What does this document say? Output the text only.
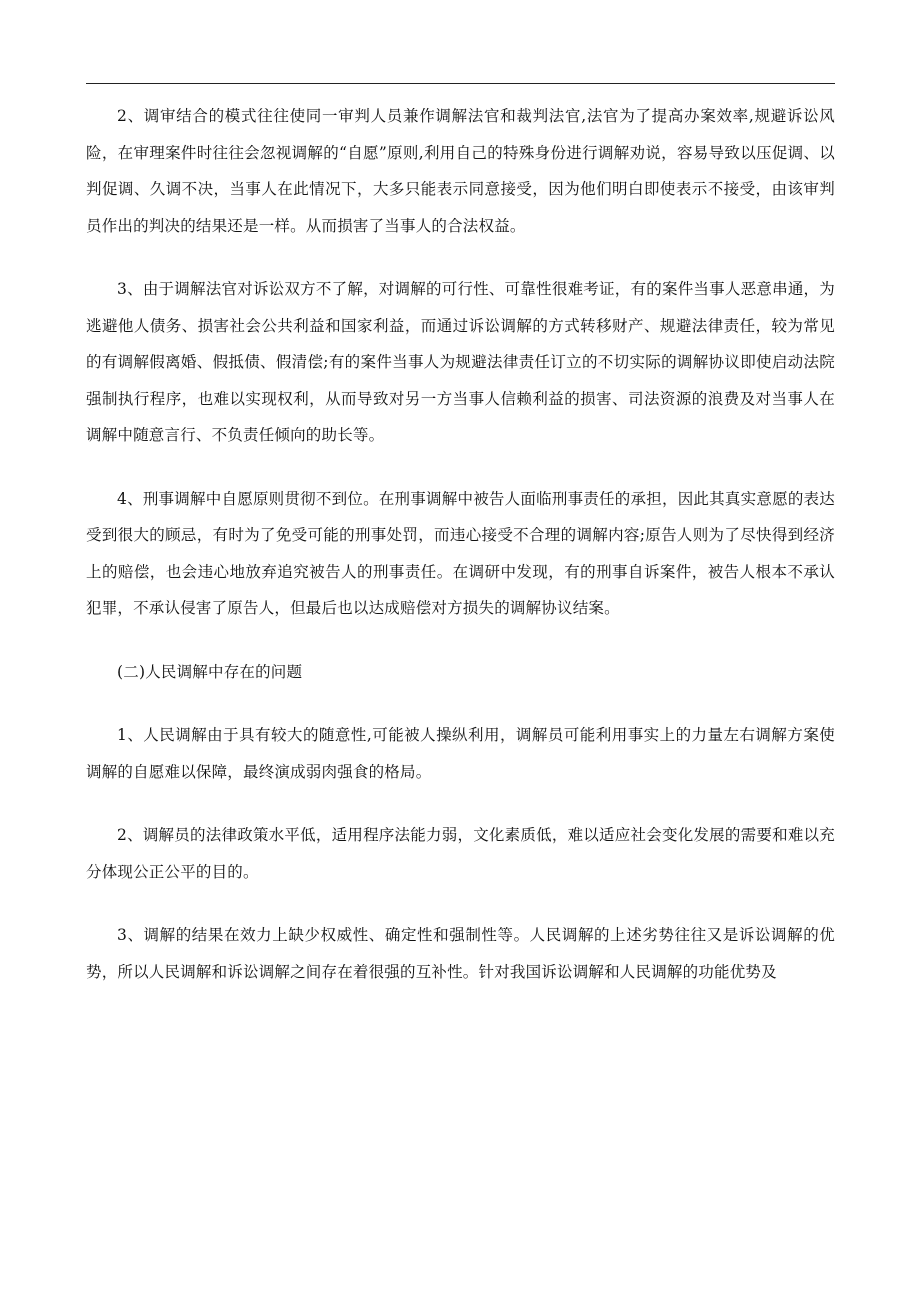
2、调审结合的模式往往使同一审判人员兼作调解法官和裁判法官,法官为了提高办案效率,规避诉讼风险，在审理案件时往往会忽视调解的“自愿”原则,利用自己的特殊身份进行调解劝说，容易导致以压促调、以判促调、久调不决，当事人在此情况下，大多只能表示同意接受，因为他们明白即使表示不接受，由该审判员作出的判决的结果还是一样。从而损害了当事人的合法权益。

3、由于调解法官对诉讼双方不了解，对调解的可行性、可靠性很难考证，有的案件当事人恶意串通，为逃避他人债务、损害社会公共利益和国家利益，而通过诉讼调解的方式转移财产、规避法律责任，较为常见的有调解假离婚、假抵债、假清偿;有的案件当事人为规避法律责任订立的不切实际的调解协议即使启动法院强制执行程序，也难以实现权利，从而导致对另一方当事人信赖利益的损害、司法资源的浪费及对当事人在调解中随意言行、不负责任倾向的助长等。

4、刑事调解中自愿原则贯彻不到位。在刑事调解中被告人面临刑事责任的承担，因此其真实意愿的表达受到很大的顾忌，有时为了免受可能的刑事处罚，而违心接受不合理的调解内容;原告人则为了尽快得到经济上的赔偿，也会违心地放弃追究被告人的刑事责任。在调研中发现，有的刑事自诉案件，被告人根本不承认犯罪，不承认侵害了原告人，但最后也以达成赔偿对方损失的调解协议结案。

(二)人民调解中存在的问题

1、人民调解由于具有较大的随意性,可能被人操纵利用，调解员可能利用事实上的力量左右调解方案使调解的自愿难以保障，最终演成弱肉强食的格局。

2、调解员的法律政策水平低，适用程序法能力弱，文化素质低，难以适应社会变化发展的需要和难以充分体现公正公平的目的。

3、调解的结果在效力上缺少权威性、确定性和强制性等。人民调解的上述劣势往往又是诉讼调解的优势，所以人民调解和诉讼调解之间存在着很强的互补性。针对我国诉讼调解和人民调解的功能优势及
